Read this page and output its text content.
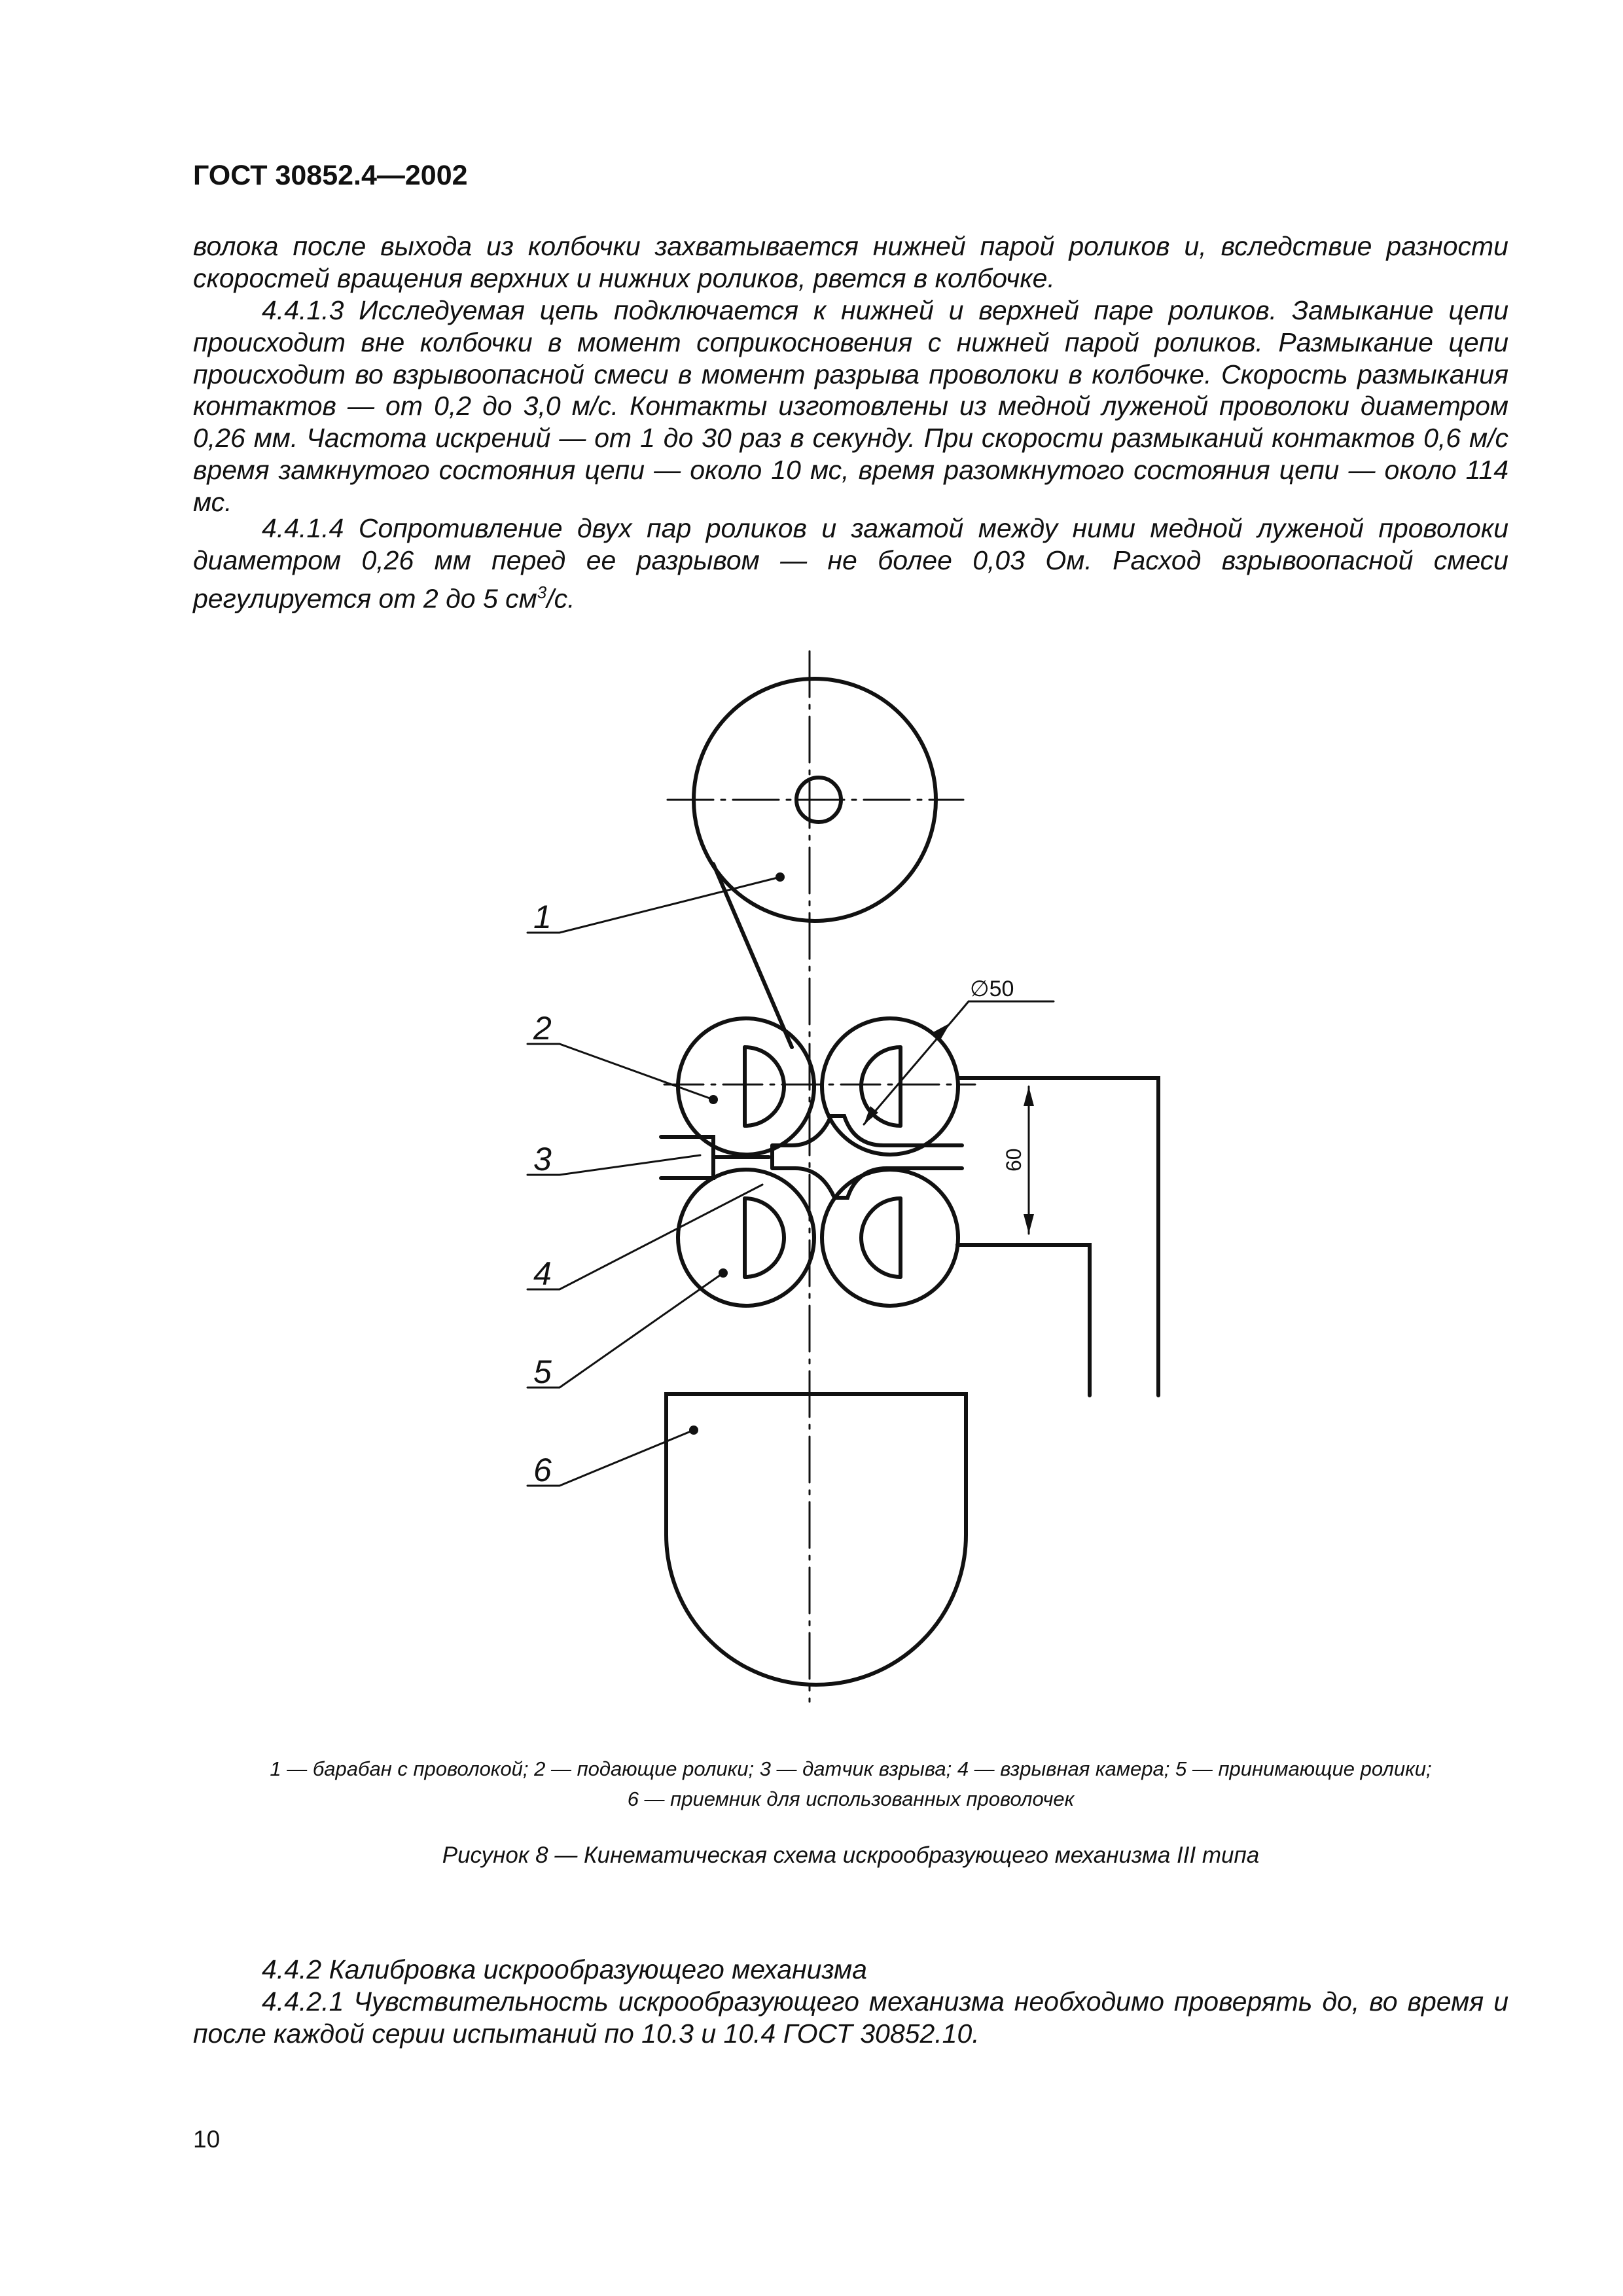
ГОСТ 30852.4—2002

волока после выхода из колбочки захватывается нижней парой роликов и, вследствие разности скоростей вращения верхних и нижних роликов, рвется в колбочке.

4.4.1.3 Исследуемая цепь подключается к нижней и верхней паре роликов. Замыкание цепи происходит вне колбочки в момент соприкосновения с нижней парой роликов. Размыкание цепи происходит во взрывоопасной смеси в момент разрыва проволоки в колбочке. Скорость размыкания контактов — от 0,2 до 3,0 м/с. Контакты изготовлены из медной луженой проволоки диаметром 0,26 мм. Частота искрений — от 1 до 30 раз в секунду. При скорости размыканий контактов 0,6 м/с время замкнутого состояния цепи — около 10 мс, время разомкнутого состояния цепи — около 114 мс.

4.4.1.4 Сопротивление двух пар роликов и зажатой между ними медной луженой проволоки диаметром 0,26 мм перед ее разрывом — не более 0,03 Ом. Расход взрывоопасной смеси регулируется от 2 до 5 $см^3/с$.

1
2
3
4
5
6
∅50
60

1 — барабан с проволокой; 2 — подающие ролики; 3 — датчик взрыва; 4 — взрывная камера; 5 — принимающие ролики;

6 — приемник для использованных проволочек

Рисунок 8 — Кинематическая схема искрообразующего механизма III типа

4.4.2 Калибровка искрообразующего механизма

4.4.2.1 Чувствительность искрообразующего механизма необходимо проверять до, во время и после каждой серии испытаний по 10.3 и 10.4 ГОСТ 30852.10.

10
